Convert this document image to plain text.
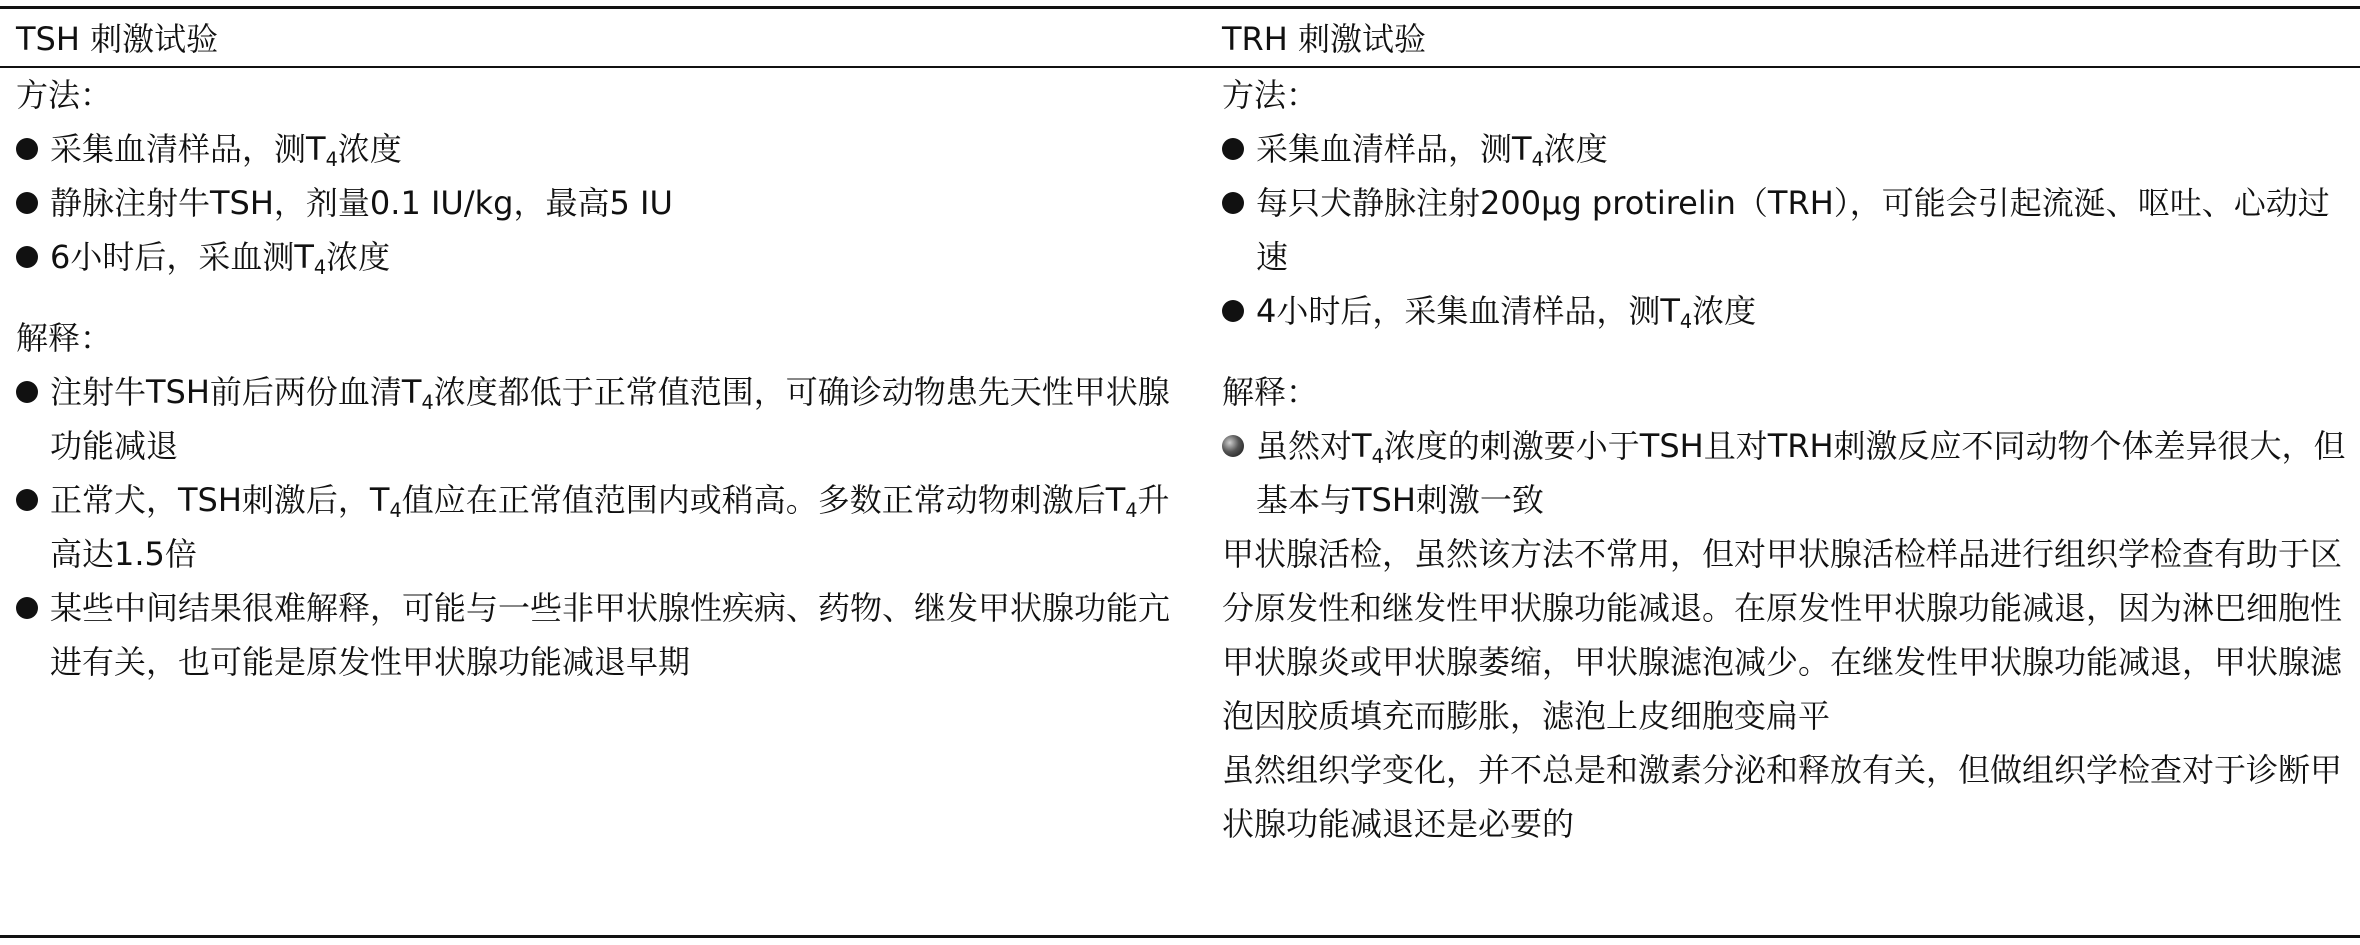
TSH 刺激试验

方法：

采集血清样品，测$T_4$浓度
静脉注射牛TSH，剂量0.1 IU/kg，最高5 IU
6小时后，采血测$T_4$浓度

解释：

注射牛TSH前后两份血清$T_4$浓度都低于正常值范围，可确诊动物患先天性甲状腺功能减退
正常犬，TSH刺激后，$T_4$值应在正常值范围内或稍高。多数正常动物刺激后$T_4$升高达1.5倍
某些中间结果很难解释，可能与一些非甲状腺性疾病、药物、继发甲状腺功能亢进有关，也可能是原发性甲状腺功能减退早期
TRH 刺激试验

方法：

采集血清样品，测$T_4$浓度
每只犬静脉注射200μg protirelin（TRH），可能会引起流涎、呕吐、心动过速
4小时后，采集血清样品，测$T_4$浓度

解释：

虽然对$T_4$浓度的刺激要小于TSH且对TRH刺激反应不同动物个体差异很大，但基本与TSH刺激一致

甲状腺活检，虽然该方法不常用，但对甲状腺活检样品进行组织学检查有助于区分原发性和继发性甲状腺功能减退。在原发性甲状腺功能减退，因为淋巴细胞性甲状腺炎或甲状腺萎缩，甲状腺滤泡减少。在继发性甲状腺功能减退，甲状腺滤泡因胶质填充而膨胀，滤泡上皮细胞变扁平

虽然组织学变化，并不总是和激素分泌和释放有关，但做组织学检查对于诊断甲状腺功能减退还是必要的
